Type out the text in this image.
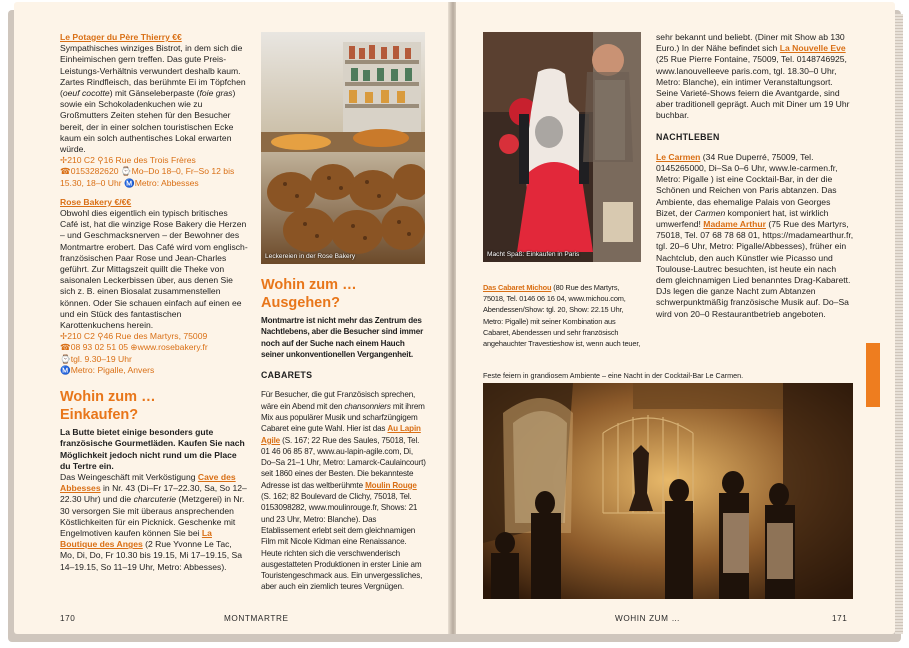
Le Potager du Père Thierry €€
Sympathisches winziges Bistrot, in dem sich die Einheimischen gern treffen. Das gute Preis-Leistungs-Verhältnis verwundert deshalb kaum. Zartes Rindfleisch, das berühmte Ei im Töpfchen (oeuf cocotte) mit Gänseleberpaste (foie gras) sowie ein Schokoladenkuchen wie zu Großmutters Zeiten stehen für den Besucher bereit, der in einer solchen touristischen Ecke kaum ein solch authentisches Lokal erwarten würde.

✢210 C2 ⚲16 Rue des Trois Frères
☎0153282620 ⌚Mo–Do 18–0, Fr–So 12 bis 15.30, 18–0 Uhr Ⓜ️Metro: Abbesses

Rose Bakery €/€€
Obwohl dies eigentlich ein typisch britisches Café ist, hat die winzige Rose Bakery die Herzen – und Geschmacksnerven – der Bewohner des Montmartre erobert. Das Café wird vom englisch-französischen Paar Rose und Jean-Charles geführt. Zur Mittagszeit quillt die Theke von saisonalen Leckerbissen über, aus denen Sie sich z. B. einen Biosalat zusammenstellen können. Oder Sie schauen einfach auf einen ee und ein Stück des fantastischen Karottenkuchens herein.

✢210 C2 ⚲46 Rue des Martyrs, 75009
☎08 93 02 51 05 ⊕www.rosebakery.fr
⌚tgl. 9.30–19 Uhr
Ⓜ️Metro: Pigalle, Anvers

Wohin zum …

Einkaufen?

La Butte bietet einige besonders gute französische Gourmetläden. Kaufen Sie nach Möglichkeit jedoch nicht rund um die Place du Tertre ein.

Das Weingeschäft mit Verköstigung Cave des Abbesses in Nr. 43 (Di–Fr 17–22.30, Sa, So 12–22.30 Uhr) und die charcuterie (Metzgerei) in Nr. 30 versorgen Sie mit überaus ansprechenden Köstlichkeiten für ein Picknick. Geschenke mit Engelmotiven kaufen können Sie bei La Boutique des Anges (2 Rue Yvonne Le Tac, Mo, Di, Do, Fr 10.30 bis 19.15, Mi 17–19.15, Sa 14–19.15, So 11–19 Uhr, Metro: Abbesses).

Leckereien in der Rose Bakery

Wohin zum …

Ausgehen?

Montmartre ist nicht mehr das Zentrum des Nachtlebens, aber die Besucher sind immer noch auf der Suche nach einem Hauch seiner unkonventionellen Vergangenheit.

CABARETS

Für Besucher, die gut Französisch sprechen, wäre ein Abend mit den chansonniers mit ihrem Mix aus populärer Musik und scharfzüngigem Cabaret eine gute Wahl. Hier ist das Au Lapin Agile (S. 167; 22 Rue des Saules, 75018, Tel. 01 46 06 85 87, www.au-lapin-agile.com, Di, Do–Sa 21–1 Uhr, Metro: Lamarck-Caulaincourt) seit 1860 eines der Besten. Die bekannteste Adresse ist das weltberühmte Moulin Rouge (S. 162; 82 Boulevard de Clichy, 75018, Tel. 0153098282, www.moulinrouge.fr, Shows: 21 und 23 Uhr, Metro: Blanche). Das Etablissement erlebt seit dem gleichnamigen Film mit Nicole Kidman eine Renaissance. Heute richten sich die verschwenderisch ausgestatteten Produktionen in erster Linie am Touristengeschmack aus. Ein unvergessliches, aber auch ein ziemlich teures Vergnügen.

170	MONTMARTRE
Macht Spaß: Einkaufen in Paris

Das Cabaret Michou (80 Rue des Martyrs, 75018, Tel. 0146 06 16 04, www.michou.com, Abendessen/Show: tgl. 20, Show: 22.15 Uhr, Metro: Pigalle) mit seiner Kombination aus Cabaret, Abendessen und sehr französisch angehauchter Travestieshow ist, wenn auch teuer,

sehr bekannt und beliebt. (Diner mit Show ab 130 Euro.) In der Nähe befindet sich La Nouvelle Eve (25 Rue Pierre Fontaine, 75009, Tel. 0148746925, www.lanouvelleeve paris.com, tgl. 18.30–0 Uhr, Metro: Blanche), ein intimer Veranstaltungsort. Seine Varieté-Shows feiern die Avantgarde, sind aber traditionell geprägt. Auch mit Diner um 19 Uhr buchbar.

NACHTLEBEN

Le Carmen (34 Rue Duperré, 75009, Tel. 0145265000, Di–Sa 0–6 Uhr, www.le-carmen.fr, Metro: Pigalle ) ist eine Cocktail-Bar, in der die Schönen und Reichen von Paris abtanzen. Das Ambiente, das ehemalige Palais von Georges Bizet, der Carmen komponiert hat, ist wirklich umwerfend! Madame Arthur (75 Rue des Martyrs, 75018, Tel. 07 68 78 68 01, https://madamearthur.fr, tgl. 20–6 Uhr, Metro: Pigalle/Abbesses), früher ein Nachtclub, den auch Künstler wie Picasso und Toulouse-Lautrec besuchten, ist heute ein nach dem gleichnamigen Lied benanntes Drag-Kabarett. DJs legen die ganze Nacht zum Abtanzen schwerpunktmäßig französische Musik auf. Do–Sa wird von 20–0 Restaurantbetrieb angeboten.

Feste feiern in grandiosem Ambiente – eine Nacht in der Cocktail-Bar Le Carmen.
WOHIN ZUM …	171
